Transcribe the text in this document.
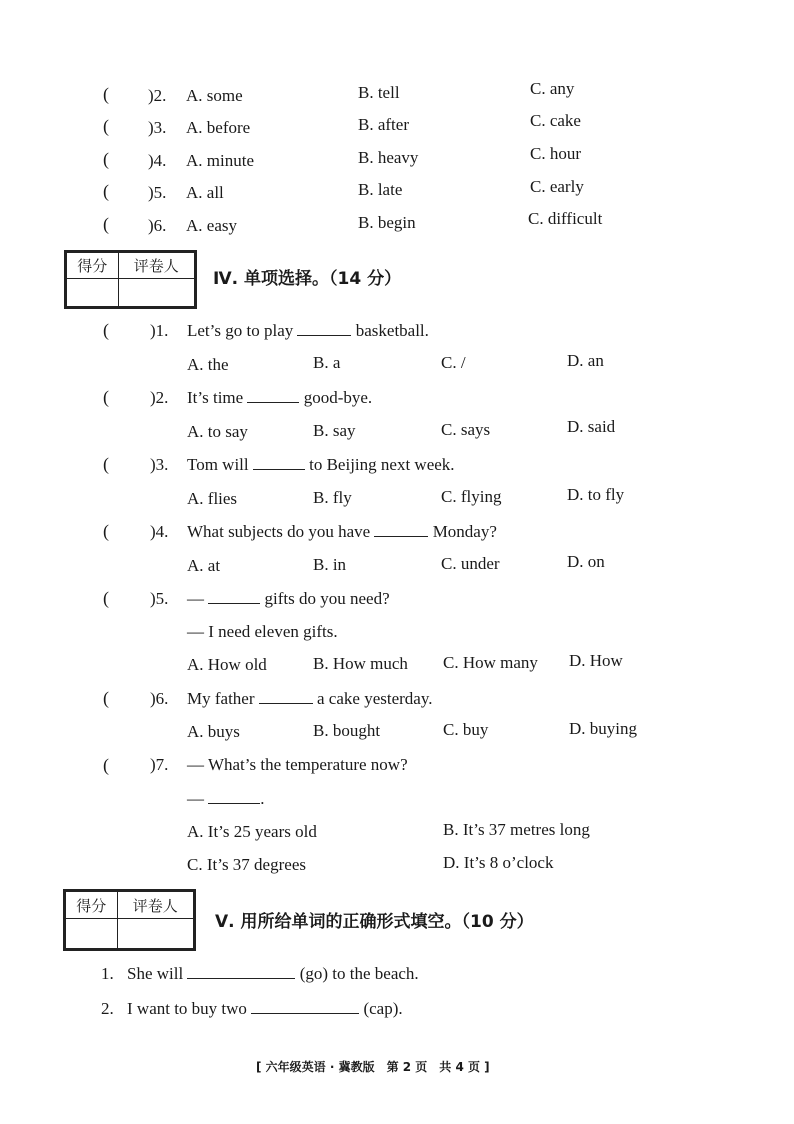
( )2. A. some	B. tell	C. any
( )3. A. before	B. after	C. cake
( )4. A. minute	B. heavy	C. hour
( )5. A. all	B. late	C. early
( )6. A. easy	B. begin	C. difficult
得分	评卷人

Ⅳ. 单项选择。（14 分）
( )1. Let’s go to play	basketball.
A. the	B. a	C. /	D. an
( )2. It’s time	good-bye.
A. to say	B. say	C. says	D. said
( )3. Tom will	to Beijing next week.
A. flies	B. fly	C. flying	D. to fly
( )4. What subjects do you have	Monday?
A. at	B. in	C. under	D. on
( )5. —	gifts do you need?
— I need eleven gifts.
A. How old	B. How much C. How many D. How
( )6. My father	a cake yesterday.
A. buys	B. bought	C. buy	D. buying
( )7. — What’s the temperature now?
—	.
A. It’s 25 years old	B. It’s 37 metres long
C. It’s 37 degrees	D. It’s 8 o’clock
得分	评卷人

Ⅴ. 用所给单词的正确形式填空。（10 分）
1. She will	(go) to the beach.
2. I want to buy two	(cap).
[ 六年级英语 · 冀教版　第 2 页　共 4 页 ]
